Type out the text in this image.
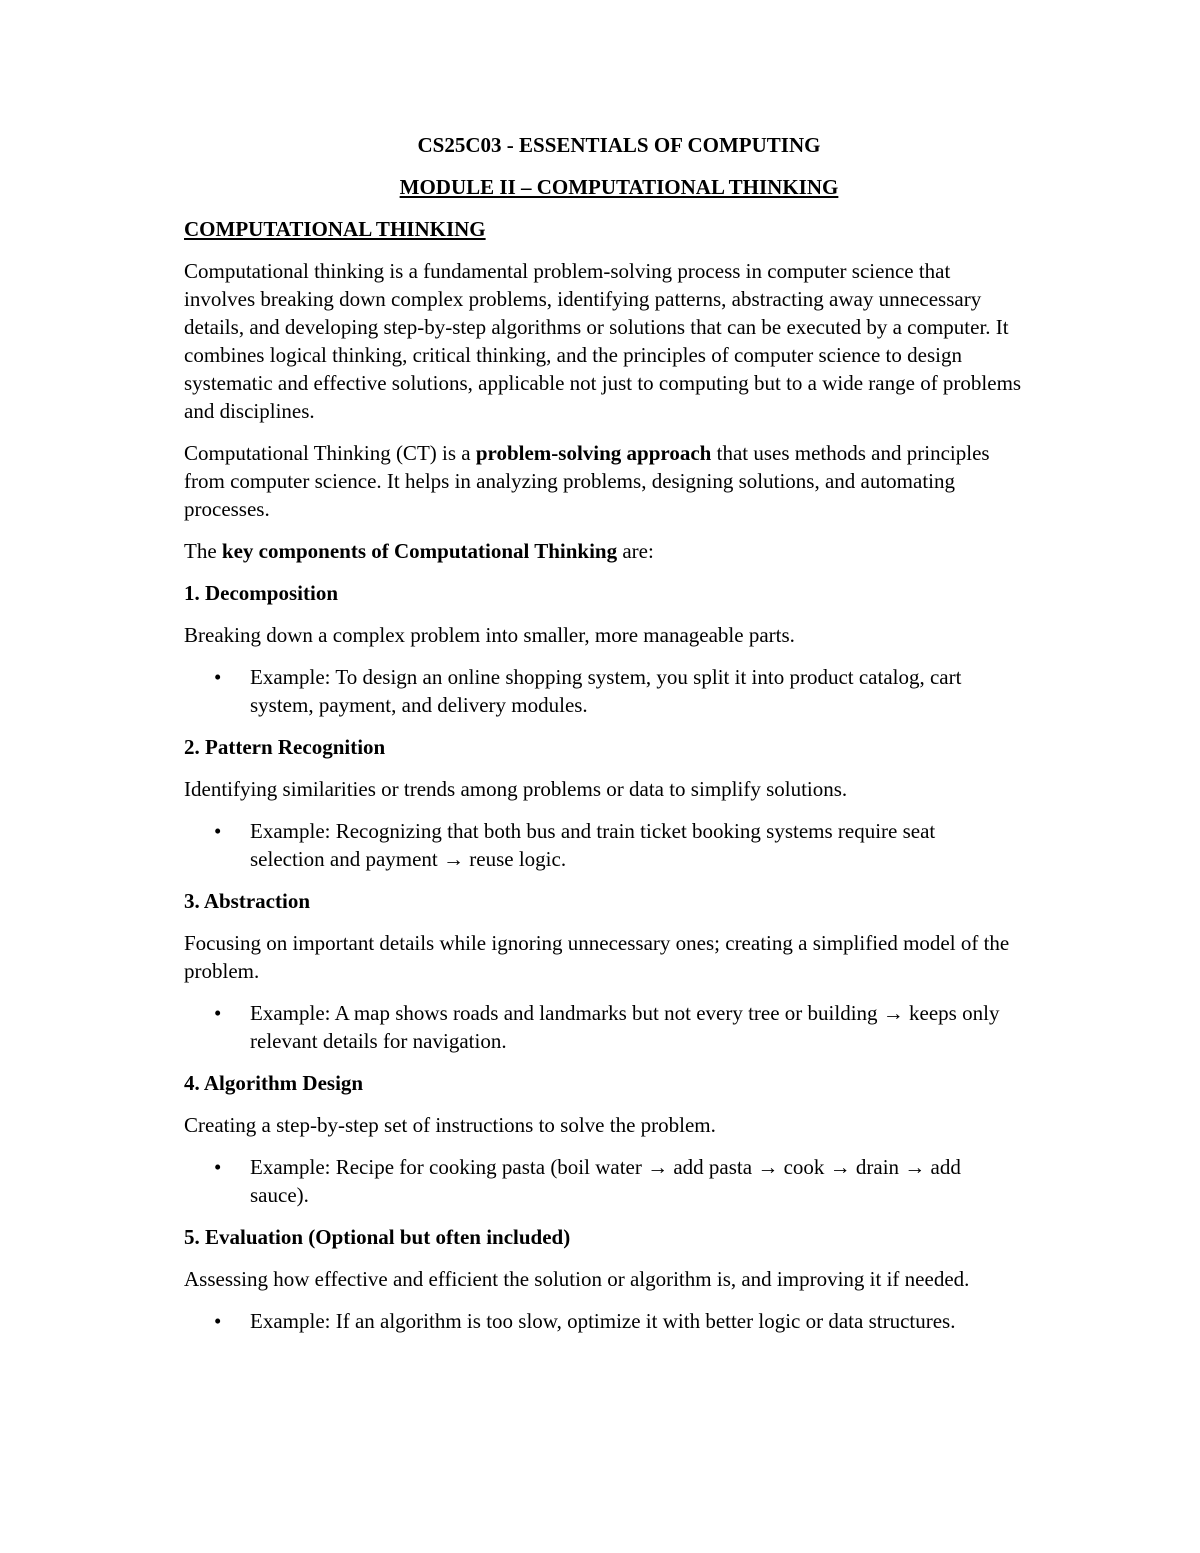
CS25C03 - ESSENTIALS OF COMPUTING
MODULE II – COMPUTATIONAL THINKING
COMPUTATIONAL THINKING

Computational thinking is a fundamental problem-solving process in computer science that involves breaking down complex problems, identifying patterns, abstracting away unnecessary details, and developing step-by-step algorithms or solutions that can be executed by a computer. It combines logical thinking, critical thinking, and the principles of computer science to design systematic and effective solutions, applicable not just to computing but to a wide range of problems and disciplines.

Computational Thinking (CT) is a problem-solving approach that uses methods and principles from computer science. It helps in analyzing problems, designing solutions, and automating processes.

The key components of Computational Thinking are:

1. Decomposition

Breaking down a complex problem into smaller, more manageable parts.

• Example: To design an online shopping system, you split it into product catalog, cart system, payment, and delivery modules.
2. Pattern Recognition

Identifying similarities or trends among problems or data to simplify solutions.

• Example: Recognizing that both bus and train ticket booking systems require seat selection and payment → reuse logic.
3. Abstraction

Focusing on important details while ignoring unnecessary ones; creating a simplified model of the problem.

• Example: A map shows roads and landmarks but not every tree or building → keeps only relevant details for navigation.
4. Algorithm Design

Creating a step-by-step set of instructions to solve the problem.

• Example: Recipe for cooking pasta (boil water → add pasta → cook → drain → add sauce).
5. Evaluation (Optional but often included)

Assessing how effective and efficient the solution or algorithm is, and improving it if needed.

• Example: If an algorithm is too slow, optimize it with better logic or data structures.
